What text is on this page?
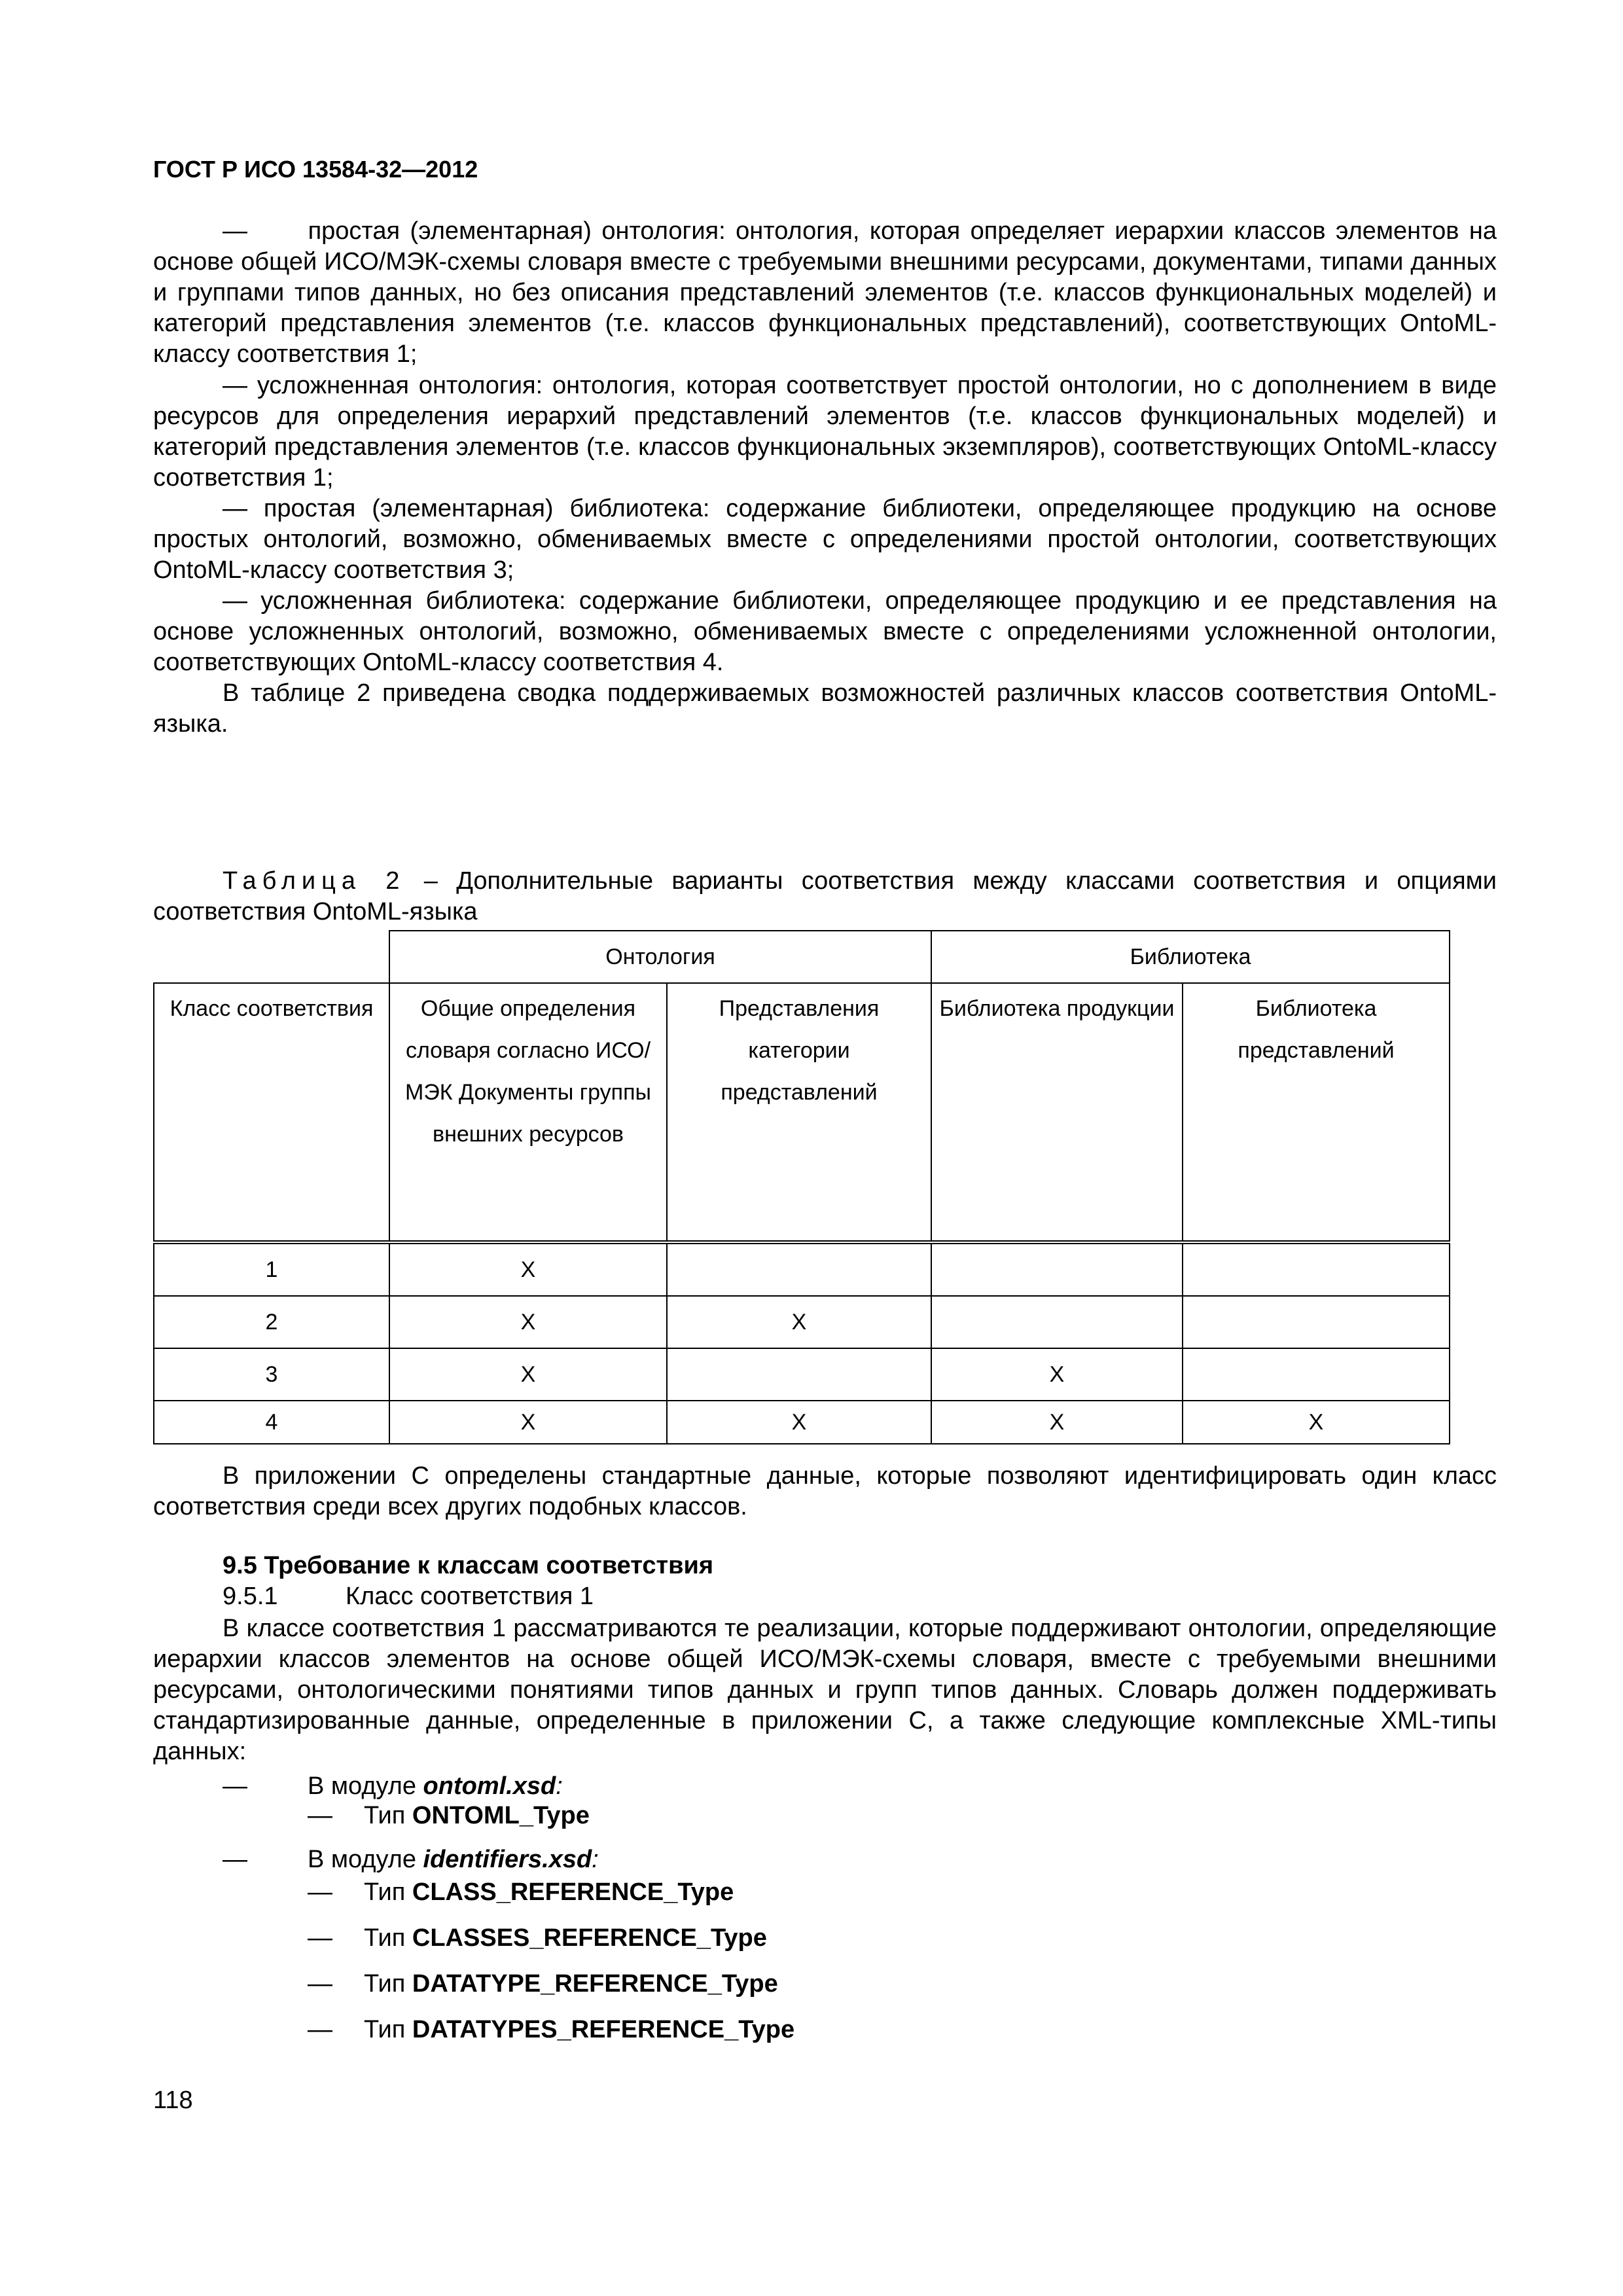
ГОСТ Р ИСО 13584-32—2012

—      простая (элементарная) онтология: онтология, которая определяет иерархии классов элементов на основе общей ИСО/МЭК-схемы словаря вместе с требуемыми внешними ресурсами, документами, типами данных и группами типов данных, но без описания представлений элементов (т.е. классов функциональных моделей) и категорий представления элементов (т.е. классов функциональных представлений), соответствующих OntoML-классу соответствия 1;

— усложненная онтология: онтология, которая соответствует простой онтологии, но с дополнением в виде ресурсов для определения иерархий представлений элементов (т.е. классов функциональных моделей) и категорий представления элементов (т.е. классов функциональных экземпляров), соответствующих OntoML-классу соответствия 1;

— простая (элементарная) библиотека: содержание библиотеки, определяющее продукцию на основе простых онтологий, возможно, обмениваемых вместе с определениями простой онтологии, соответствующих OntoML-классу соответствия 3;

— усложненная библиотека: содержание библиотеки, определяющее продукцию и ее представления на основе усложненных онтологий, возможно, обмениваемых вместе с определениями усложненной онтологии, соответствующих OntoML-классу соответствия 4.

В таблице 2 приведена сводка поддерживаемых возможностей различных классов соответствия OntoML-языка.

Таблица 2 – Дополнительные варианты соответствия между классами соответствия и опциями соответствия OntoML-языка

	Онтология		Библиотека	
Класс соответствия	Общие определения словаря согласно ИСО/МЭК Документы группы внешних ресурсов	Представления категории представлений	Библиотека продукции	Библиотека представлений
1	X			
2	X	X		
3	X		X	
4	X	X	X	X

В приложении C определены стандартные данные, которые позволяют идентифицировать один класс соответствия среди всех других подобных классов.

9.5 Требование к классам соответствия
9.5.1	Класс соответствия 1

В классе соответствия 1 рассматриваются те реализации, которые поддерживают онтологии, определяющие иерархии классов элементов на основе общей ИСО/МЭК-схемы словаря, вместе с требуемыми внешними ресурсами, онтологическими понятиями типов данных и групп типов данных. Словарь должен поддерживать стандартизированные данные, определенные в приложении C, а также следующие комплексные XML-типы данных:

— В модуле ontoml.xsd:
— Тип ONTOML_Type
— В модуле identifiers.xsd:
— Тип CLASS_REFERENCE_Type
— Тип CLASSES_REFERENCE_Type
— Тип DATATYPE_REFERENCE_Type
— Тип DATATYPES_REFERENCE_Type
118
